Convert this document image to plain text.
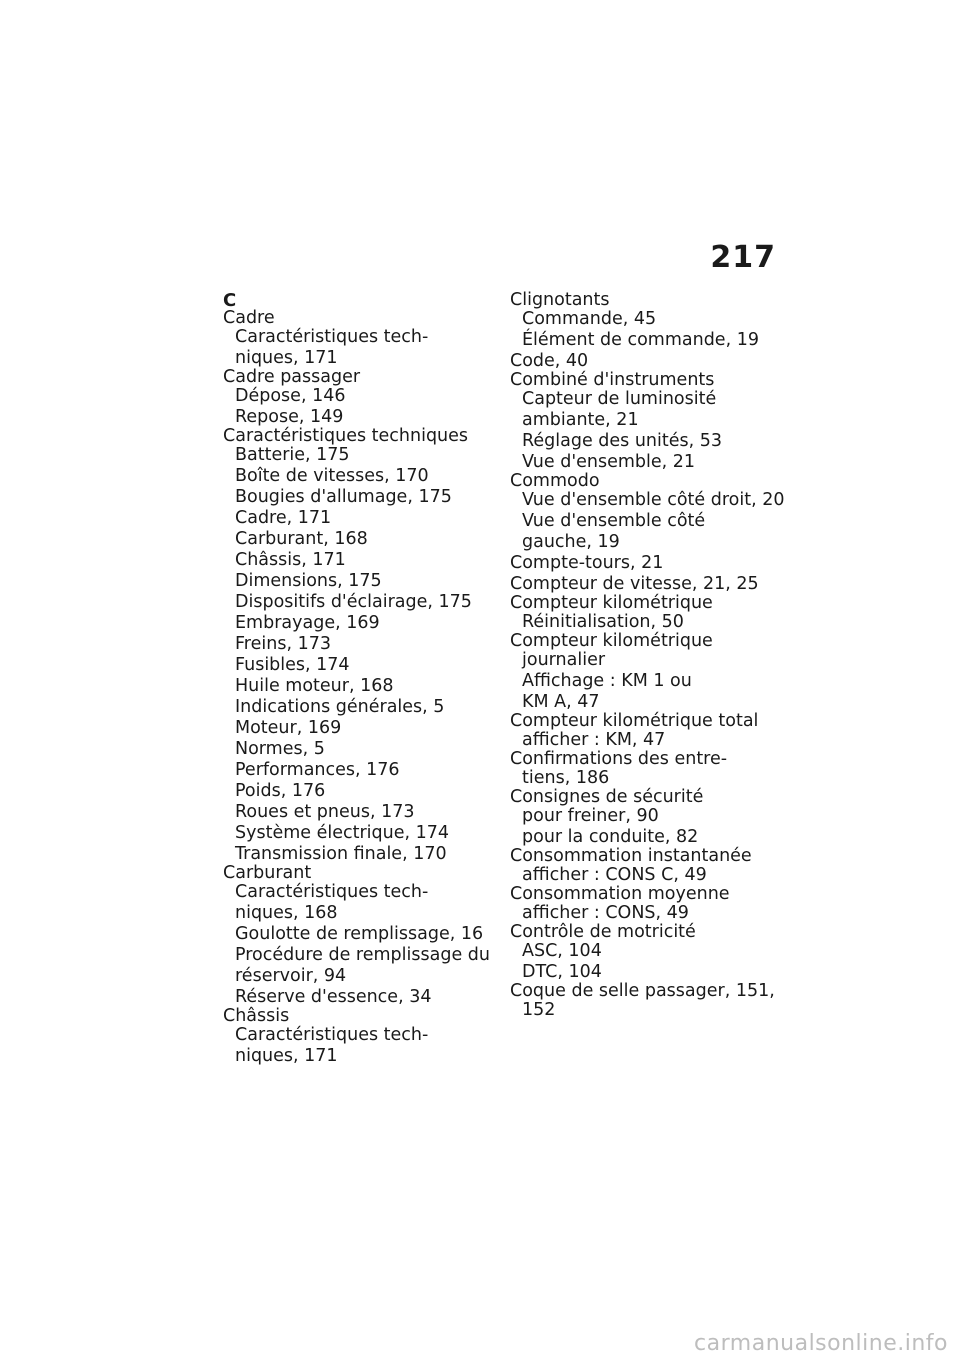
217
C
Cadre
Caractéristiques tech-
niques, 171
Cadre passager
Dépose, 146
Repose, 149
Caractéristiques techniques
Batterie, 175
Boîte de vitesses, 170
Bougies d'allumage, 175
Cadre, 171
Carburant, 168
Châssis, 171
Dimensions, 175
Dispositifs d'éclairage, 175
Embrayage, 169
Freins, 173
Fusibles, 174
Huile moteur, 168
Indications générales, 5
Moteur, 169
Normes, 5
Performances, 176
Poids, 176
Roues et pneus, 173
Système électrique, 174
Transmission finale, 170
Carburant
Caractéristiques tech-
niques, 168
Goulotte de remplissage, 16
Procédure de remplissage du
réservoir, 94
Réserve d'essence, 34
Châssis
Caractéristiques tech-
niques, 171
Clignotants
Commande, 45
Élément de commande, 19
Code, 40
Combiné d'instruments
Capteur de luminosité
ambiante, 21
Réglage des unités, 53
Vue d'ensemble, 21
Commodo
Vue d'ensemble côté droit, 20
Vue d'ensemble côté
gauche, 19
Compte-tours, 21
Compteur de vitesse, 21, 25
Compteur kilométrique
Réinitialisation, 50
Compteur kilométrique
journalier
Affichage : KM 1 ou
KM A, 47
Compteur kilométrique total
afficher : KM, 47
Confirmations des entre-
tiens, 186
Consignes de sécurité
pour freiner, 90
pour la conduite, 82
Consommation instantanée
afficher : CONS C, 49
Consommation moyenne
afficher : CONS, 49
Contrôle de motricité
ASC, 104
DTC, 104
Coque de selle passager, 151,
152
carmanualsonline.info
